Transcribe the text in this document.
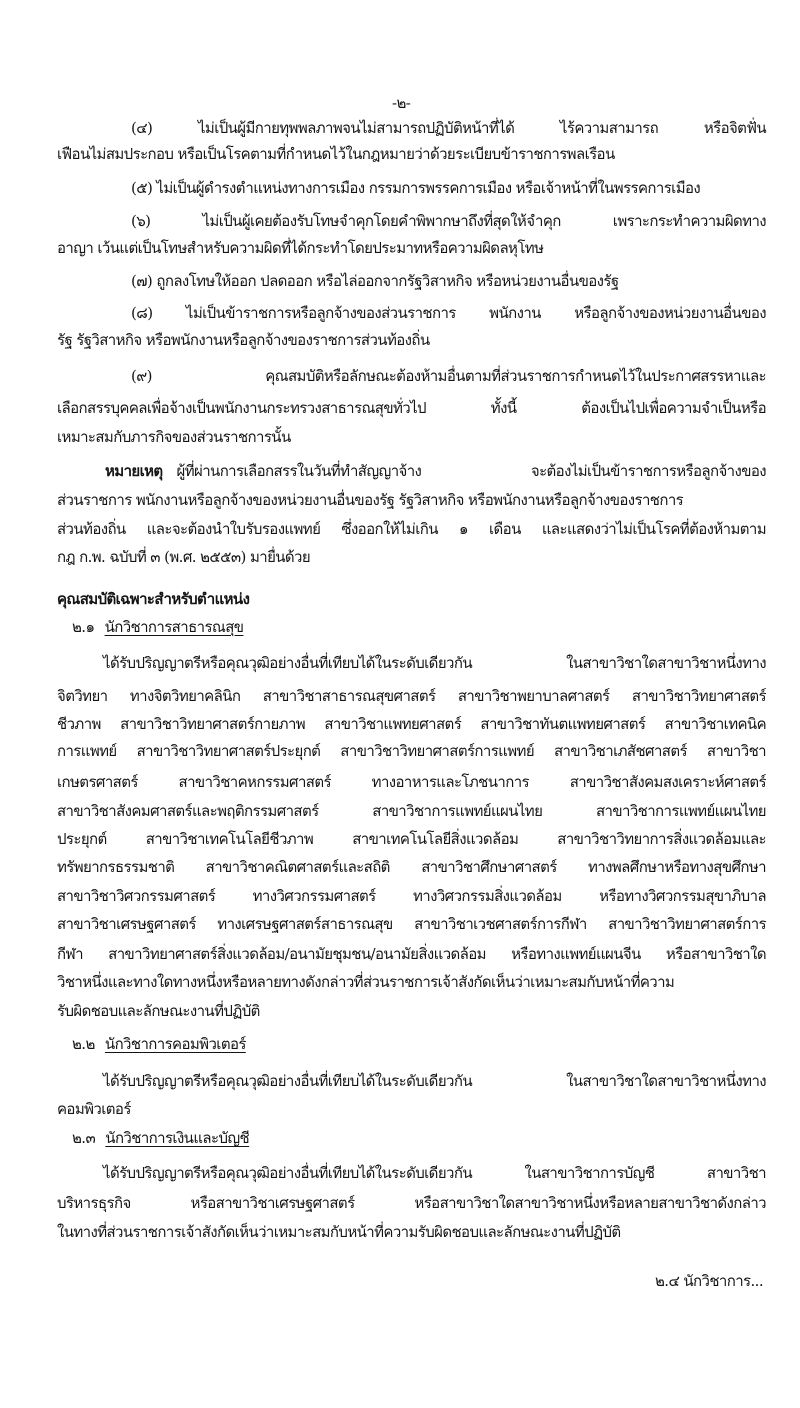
-๒-
(๔) ไม่เป็นผู้มีกายทุพพลภาพจนไม่สามารถปฏิบัติหน้าที่ได้ ไร้ความสามารถ หรือจิตฟั่น
เฟือนไม่สมประกอบ หรือเป็นโรคตามที่กำหนดไว้ในกฎหมายว่าด้วยระเบียบข้าราชการพลเรือน
(๕) ไม่เป็นผู้ดำรงตำแหน่งทางการเมือง กรรมการพรรคการเมือง หรือเจ้าหน้าที่ในพรรคการเมือง
(๖) ไม่เป็นผู้เคยต้องรับโทษจำคุกโดยคำพิพากษาถึงที่สุดให้จำคุก เพราะกระทำความผิดทาง
อาญา เว้นแต่เป็นโทษสำหรับความผิดที่ได้กระทำโดยประมาทหรือความผิดลหุโทษ
(๗) ถูกลงโทษให้ออก ปลดออก หรือไล่ออกจากรัฐวิสาหกิจ หรือหน่วยงานอื่นของรัฐ
(๘) ไม่เป็นข้าราชการหรือลูกจ้างของส่วนราชการ พนักงาน หรือลูกจ้างของหน่วยงานอื่นของ
รัฐ รัฐวิสาหกิจ หรือพนักงานหรือลูกจ้างของราชการส่วนท้องถิ่น
(๙) คุณสมบัติหรือลักษณะต้องห้ามอื่นตามที่ส่วนราชการกำหนดไว้ในประกาศสรรหาและ
เลือกสรรบุคคลเพื่อจ้างเป็นพนักงานกระทรวงสาธารณสุขทั่วไป ทั้งนี้ ต้องเป็นไปเพื่อความจำเป็นหรือ
เหมาะสมกับภารกิจของส่วนราชการนั้น
หมายเหตุ ผู้ที่ผ่านการเลือกสรรในวันที่ทำสัญญาจ้าง จะต้องไม่เป็นข้าราชการหรือลูกจ้างของ
ส่วนราชการ พนักงานหรือลูกจ้างของหน่วยงานอื่นของรัฐ รัฐวิสาหกิจ หรือพนักงานหรือลูกจ้างของราชการ
ส่วนท้องถิ่น และจะต้องนำใบรับรองแพทย์ ซึ่งออกให้ไม่เกิน ๑ เดือน และแสดงว่าไม่เป็นโรคที่ต้องห้ามตาม
กฎ ก.พ. ฉบับที่ ๓ (พ.ศ. ๒๕๕๓) มายื่นด้วย
คุณสมบัติเฉพาะสำหรับตำแหน่ง
๒.๑ นักวิชาการสาธารณสุข
ได้รับปริญญาตรีหรือคุณวุฒิอย่างอื่นที่เทียบได้ในระดับเดียวกัน ในสาขาวิชาใดสาขาวิชาหนึ่งทาง
จิตวิทยา ทางจิตวิทยาคลินิก สาขาวิชาสาธารณสุขศาสตร์ สาขาวิชาพยาบาลศาสตร์ สาขาวิชาวิทยาศาสตร์
ชีวภาพ สาขาวิชาวิทยาศาสตร์กายภาพ สาขาวิชาแพทยศาสตร์ สาขาวิชาทันตแพทยศาสตร์ สาขาวิชาเทคนิค
การแพทย์ สาขาวิชาวิทยาศาสตร์ประยุกต์ สาขาวิชาวิทยาศาสตร์การแพทย์ สาขาวิชาเภสัชศาสตร์ สาขาวิชา
เกษตรศาสตร์ สาขาวิชาคหกรรมศาสตร์ ทางอาหารและโภชนาการ สาขาวิชาสังคมสงเคราะห์ศาสตร์
สาขาวิชาสังคมศาสตร์และพฤติกรรมศาสตร์ สาขาวิชาการแพทย์แผนไทย สาขาวิชาการแพทย์แผนไทย
ประยุกต์ สาขาวิชาเทคโนโลยีชีวภาพ สาขาเทคโนโลยีสิ่งแวดล้อม สาขาวิชาวิทยาการสิ่งแวดล้อมและ
ทรัพยากรธรรมชาติ สาขาวิชาคณิตศาสตร์และสถิติ สาขาวิชาศึกษาศาสตร์ ทางพลศึกษาหรือทางสุขศึกษา
สาขาวิชาวิศวกรรมศาสตร์ ทางวิศวกรรมศาสตร์ ทางวิศวกรรมสิ่งแวดล้อม หรือทางวิศวกรรมสุขาภิบาล
สาขาวิชาเศรษฐศาสตร์ ทางเศรษฐศาสตร์สาธารณสุข สาขาวิชาเวชศาสตร์การกีฬา สาขาวิชาวิทยาศาสตร์การ
กีฬา สาขาวิทยาศาสตร์สิ่งแวดล้อม/อนามัยชุมชน/อนามัยสิ่งแวดล้อม หรือทางแพทย์แผนจีน หรือสาขาวิชาใด
วิชาหนึ่งและทางใดทางหนึ่งหรือหลายทางดังกล่าวที่ส่วนราชการเจ้าสังกัดเห็นว่าเหมาะสมกับหน้าที่ความ
รับผิดชอบและลักษณะงานที่ปฏิบัติ
๒.๒ นักวิชาการคอมพิวเตอร์
ได้รับปริญญาตรีหรือคุณวุฒิอย่างอื่นที่เทียบได้ในระดับเดียวกัน ในสาขาวิชาใดสาขาวิชาหนึ่งทาง
คอมพิวเตอร์
๒.๓ นักวิชาการเงินและบัญชี
ได้รับปริญญาตรีหรือคุณวุฒิอย่างอื่นที่เทียบได้ในระดับเดียวกัน ในสาขาวิชาการบัญชี สาขาวิชา
บริหารธุรกิจ หรือสาขาวิชาเศรษฐศาสตร์ หรือสาขาวิชาใดสาขาวิชาหนึ่งหรือหลายสาขาวิชาดังกล่าว
ในทางที่ส่วนราชการเจ้าสังกัดเห็นว่าเหมาะสมกับหน้าที่ความรับผิดชอบและลักษณะงานที่ปฏิบัติ
๒.๔ นักวิชาการ...
